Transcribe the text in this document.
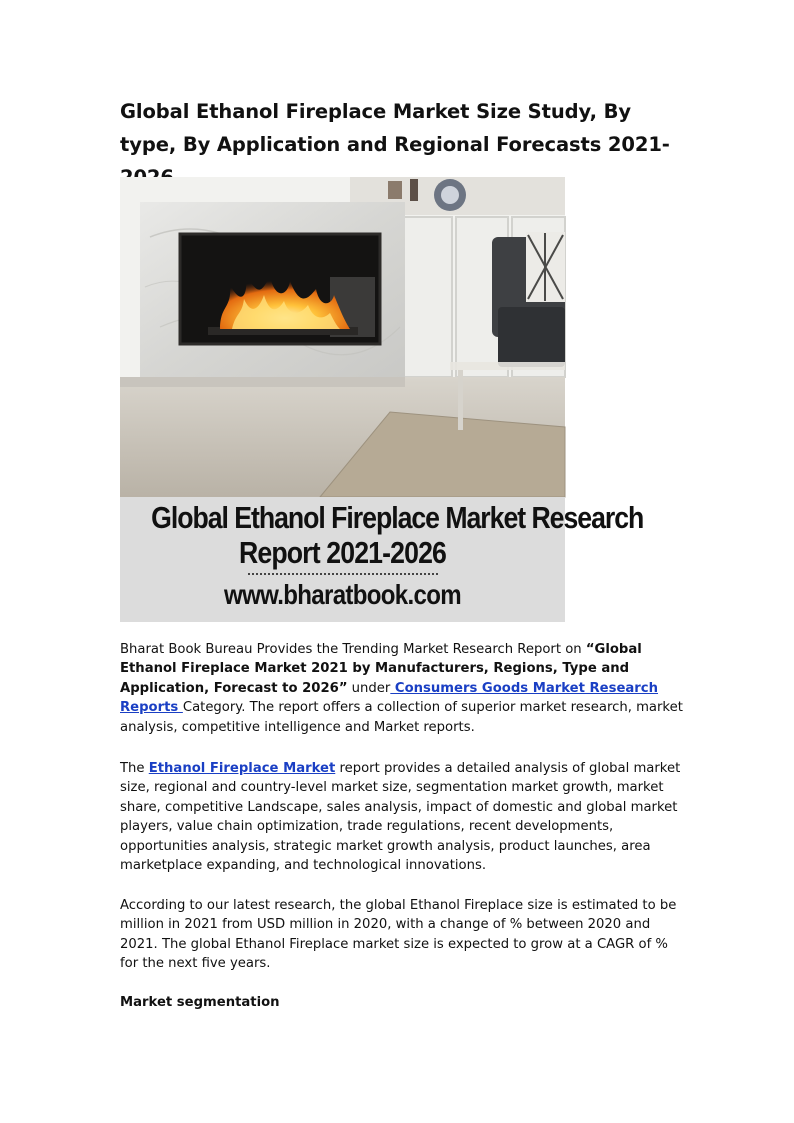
Global Ethanol Fireplace Market Size Study, By type, By Application and Regional Forecasts 2021-
Global Ethanol Fireplace Market Research
Report 2021-2026
www.bharatbook.com

Bharat Book Bureau Provides the Trending Market Research Report on “Global Ethanol Fireplace Market 2021 by Manufacturers, Regions, Type and Application, Forecast to 2026” under Consumers Goods Market Research Reports Category. The report offers a collection of superior market research, market analysis, competitive intelligence and Market reports.

The Ethanol Fireplace Market report provides a detailed analysis of global market size, regional and country-level market size, segmentation market growth, market share, competitive Landscape, sales analysis, impact of domestic and global market players, value chain optimization, trade regulations, recent developments, opportunities analysis, strategic market growth analysis, product launches, area marketplace expanding, and technological innovations.

According to our latest research, the global Ethanol Fireplace size is estimated to be million in 2021 from USD million in 2020, with a change of % between 2020 and 2021. The global Ethanol Fireplace market size is expected to grow at a CAGR of % for the next five years.

Market segmentation
